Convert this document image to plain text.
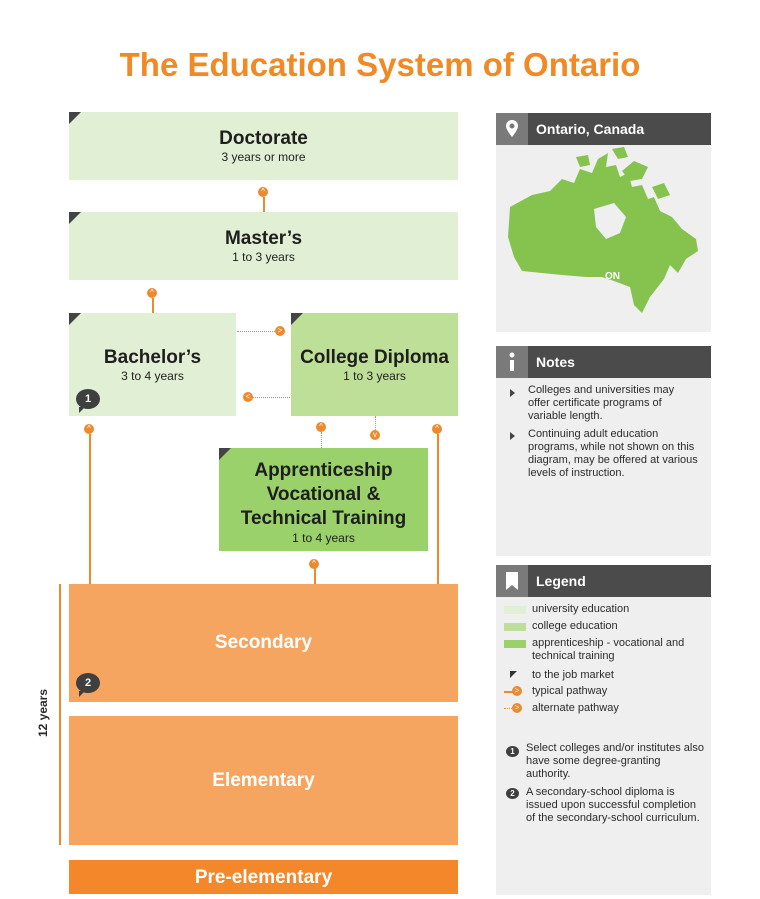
The Education System of Ontario
Doctorate
3 years or more
Master’s
1 to 3 years
Bachelor’s
3 to 4 years
College Diploma
1 to 3 years
Apprenticeship
Vocational &
Technical Training
1 to 4 years
Secondary
Elementary
Pre-elementary
12 years
1
2
^
^
>
<
^	^
v
^
^
Ontario, Canada
ON
Notes
Colleges and universities may offer certificate programs of variable length.
Continuing adult education programs, while not shown on this diagram, may be offered at various levels of instruction.
Legend
university education
college education
apprenticeship - vocational and technical training
to the job market
> typical pathway
> alternate pathway
1	Select colleges and/or institutes also have some degree-granting authority.
2	A secondary-school diploma is issued upon successful completion of the secondary-school curriculum.
